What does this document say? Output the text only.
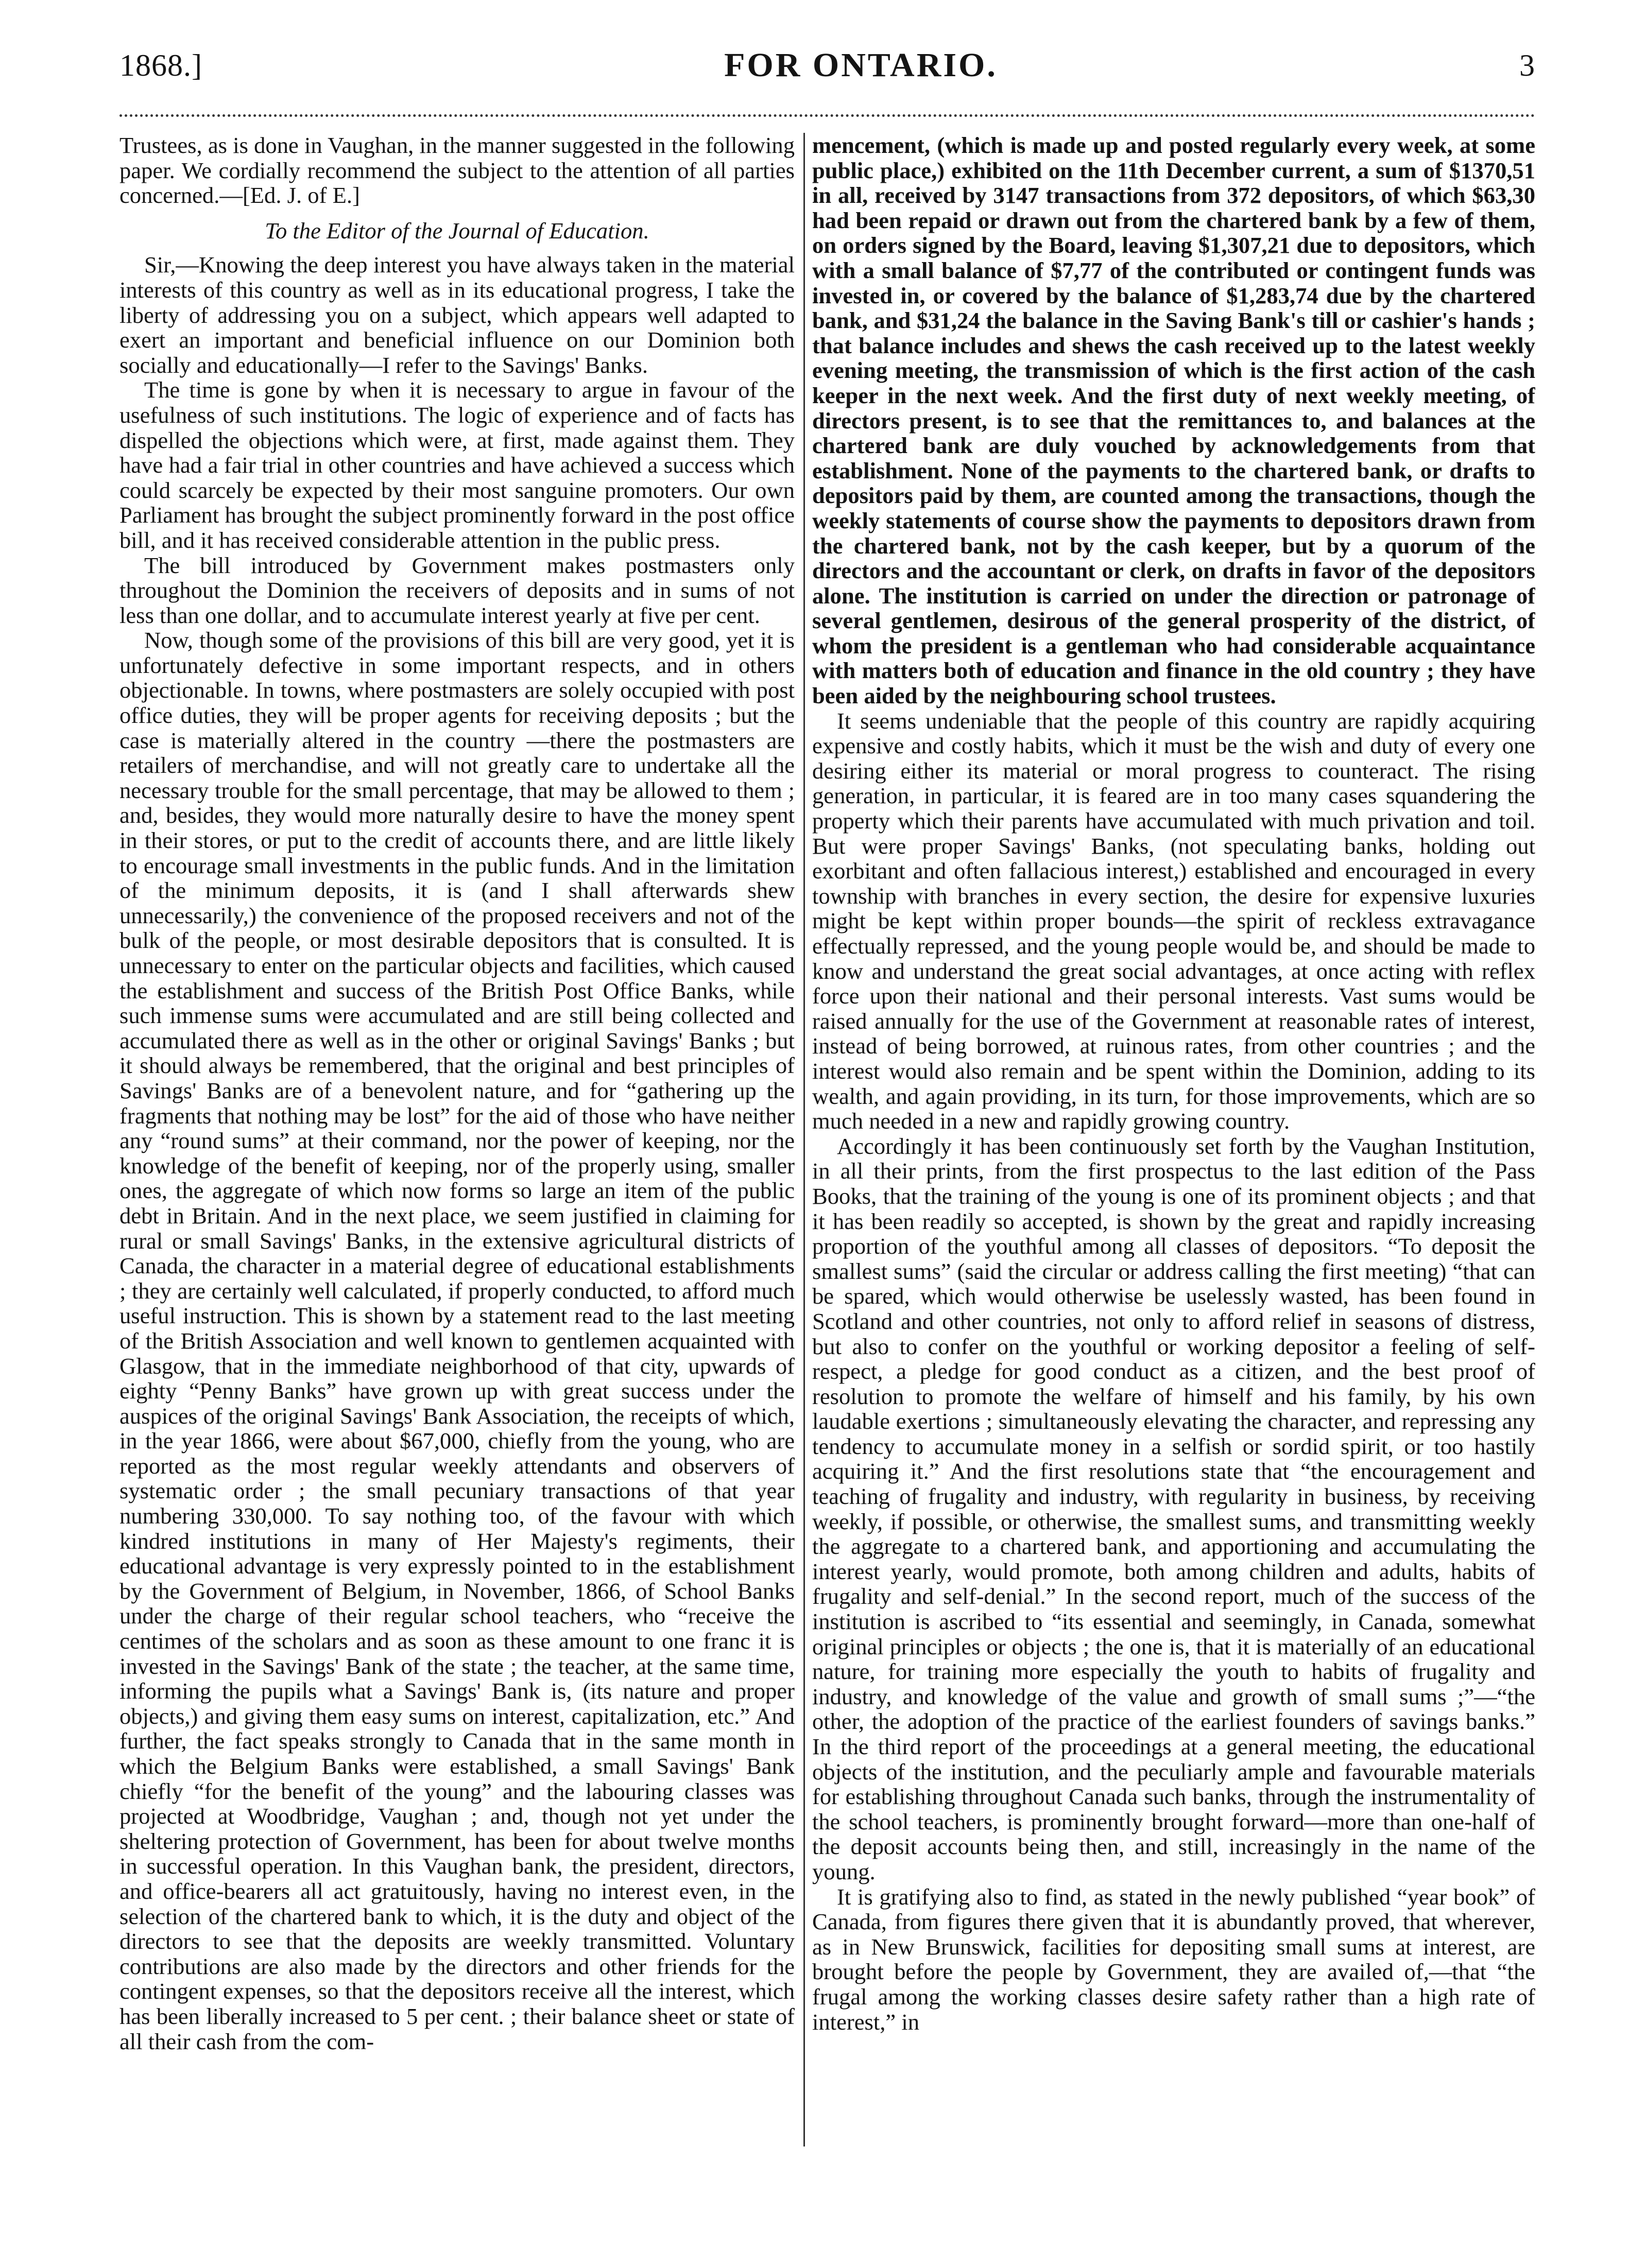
1868.]	FOR ONTARIO.	3

Trustees, as is done in Vaughan, in the manner suggested in the following paper. We cordially recommend the subject to the attention of all parties concerned.—[Ed. J. of E.]

To the Editor of the Journal of Education.

Sir,—Knowing the deep interest you have always taken in the material interests of this country as well as in its educational progress, I take the liberty of addressing you on a subject, which appears well adapted to exert an important and beneficial influence on our Dominion both socially and educationally—I refer to the Savings' Banks.

The time is gone by when it is necessary to argue in favour of the usefulness of such institutions. The logic of experience and of facts has dispelled the objections which were, at first, made against them. They have had a fair trial in other countries and have achieved a success which could scarcely be expected by their most sanguine promoters. Our own Parliament has brought the subject prominently forward in the post office bill, and it has received considerable attention in the public press.

The bill introduced by Government makes postmasters only throughout the Dominion the receivers of deposits and in sums of not less than one dollar, and to accumulate interest yearly at five per cent.

Now, though some of the provisions of this bill are very good, yet it is unfortunately defective in some important respects, and in others objectionable. In towns, where postmasters are solely occupied with post office duties, they will be proper agents for receiving deposits ; but the case is materially altered in the country —there the postmasters are retailers of merchandise, and will not greatly care to undertake all the necessary trouble for the small percentage, that may be allowed to them ; and, besides, they would more naturally desire to have the money spent in their stores, or put to the credit of accounts there, and are little likely to encourage small investments in the public funds. And in the limitation of the minimum deposits, it is (and I shall afterwards shew unnecessarily,) the convenience of the proposed receivers and not of the bulk of the people, or most desirable depositors that is consulted. It is unnecessary to enter on the particular objects and facilities, which caused the establishment and success of the British Post Office Banks, while such immense sums were accumulated and are still being collected and accumulated there as well as in the other or original Savings' Banks ; but it should always be remembered, that the original and best principles of Savings' Banks are of a benevolent nature, and for “gathering up the fragments that nothing may be lost” for the aid of those who have neither any “round sums” at their command, nor the power of keeping, nor the knowledge of the benefit of keeping, nor of the properly using, smaller ones, the aggregate of which now forms so large an item of the public debt in Britain. And in the next place, we seem justified in claiming for rural or small Savings' Banks, in the extensive agricultural districts of Canada, the character in a material degree of educational establishments ; they are certainly well calculated, if properly conducted, to afford much useful instruction. This is shown by a statement read to the last meeting of the British Association and well known to gentlemen acquainted with Glasgow, that in the immediate neighborhood of that city, upwards of eighty “Penny Banks” have grown up with great success under the auspices of the original Savings' Bank Association, the receipts of which, in the year 1866, were about $67,000, chiefly from the young, who are reported as the most regular weekly attendants and observers of systematic order ; the small pecuniary transactions of that year numbering 330,000. To say nothing too, of the favour with which kindred institutions in many of Her Majesty's regiments, their educational advantage is very expressly pointed to in the establishment by the Government of Belgium, in November, 1866, of School Banks under the charge of their regular school teachers, who “receive the centimes of the scholars and as soon as these amount to one franc it is invested in the Savings' Bank of the state ; the teacher, at the same time, informing the pupils what a Savings' Bank is, (its nature and proper objects,) and giving them easy sums on interest, capitalization, etc.” And further, the fact speaks strongly to Canada that in the same month in which the Belgium Banks were established, a small Savings' Bank chiefly “for the benefit of the young” and the labouring classes was projected at Woodbridge, Vaughan ; and, though not yet under the sheltering protection of Government, has been for about twelve months in successful operation. In this Vaughan bank, the president, directors, and office-bearers all act gratuitously, having no interest even, in the selection of the chartered bank to which, it is the duty and object of the directors to see that the deposits are weekly transmitted. Voluntary contributions are also made by the directors and other friends for the contingent expenses, so that the depositors receive all the interest, which has been liberally increased to 5 per cent. ; their balance sheet or state of all their cash from the com-

mencement, (which is made up and posted regularly every week, at some public place,) exhibited on the 11th December current, a sum of $1370,51 in all, received by 3147 transactions from 372 depositors, of which $63,30 had been repaid or drawn out from the chartered bank by a few of them, on orders signed by the Board, leaving $1,307,21 due to depositors, which with a small balance of $7,77 of the contributed or contingent funds was invested in, or covered by the balance of $1,283,74 due by the chartered bank, and $31,24 the balance in the Saving Bank's till or cashier's hands ; that balance includes and shews the cash received up to the latest weekly evening meeting, the transmission of which is the first action of the cash keeper in the next week. And the first duty of next weekly meeting, of directors present, is to see that the remittances to, and balances at the chartered bank are duly vouched by acknowledgements from that establishment. None of the payments to the chartered bank, or drafts to depositors paid by them, are counted among the transactions, though the weekly statements of course show the payments to depositors drawn from the chartered bank, not by the cash keeper, but by a quorum of the directors and the accountant or clerk, on drafts in favor of the depositors alone. The institution is carried on under the direction or patronage of several gentlemen, desirous of the general prosperity of the district, of whom the president is a gentleman who had considerable acquaintance with matters both of education and finance in the old country ; they have been aided by the neighbouring school trustees.

It seems undeniable that the people of this country are rapidly acquiring expensive and costly habits, which it must be the wish and duty of every one desiring either its material or moral progress to counteract. The rising generation, in particular, it is feared are in too many cases squandering the property which their parents have accumulated with much privation and toil. But were proper Savings' Banks, (not speculating banks, holding out exorbitant and often fallacious interest,) established and encouraged in every township with branches in every section, the desire for expensive luxuries might be kept within proper bounds—the spirit of reckless extravagance effectually repressed, and the young people would be, and should be made to know and understand the great social advantages, at once acting with reflex force upon their national and their personal interests. Vast sums would be raised annually for the use of the Government at reasonable rates of interest, instead of being borrowed, at ruinous rates, from other countries ; and the interest would also remain and be spent within the Dominion, adding to its wealth, and again providing, in its turn, for those improvements, which are so much needed in a new and rapidly growing country.

Accordingly it has been continuously set forth by the Vaughan Institution, in all their prints, from the first prospectus to the last edition of the Pass Books, that the training of the young is one of its prominent objects ; and that it has been readily so accepted, is shown by the great and rapidly increasing proportion of the youthful among all classes of depositors. “To deposit the smallest sums” (said the circular or address calling the first meeting) “that can be spared, which would otherwise be uselessly wasted, has been found in Scotland and other countries, not only to afford relief in seasons of distress, but also to confer on the youthful or working depositor a feeling of self-respect, a pledge for good conduct as a citizen, and the best proof of resolution to promote the welfare of himself and his family, by his own laudable exertions ; simultaneously elevating the character, and repressing any tendency to accumulate money in a selfish or sordid spirit, or too hastily acquiring it.” And the first resolutions state that “the encouragement and teaching of frugality and industry, with regularity in business, by receiving weekly, if possible, or otherwise, the smallest sums, and transmitting weekly the aggregate to a chartered bank, and apportioning and accumulating the interest yearly, would promote, both among children and adults, habits of frugality and self-denial.” In the second report, much of the success of the institution is ascribed to “its essential and seemingly, in Canada, somewhat original principles or objects ; the one is, that it is materially of an educational nature, for training more especially the youth to habits of frugality and industry, and knowledge of the value and growth of small sums ;”—“the other, the adoption of the practice of the earliest founders of savings banks.” In the third report of the proceedings at a general meeting, the educational objects of the institution, and the peculiarly ample and favourable materials for establishing throughout Canada such banks, through the instrumentality of the school teachers, is prominently brought forward—more than one-half of the deposit accounts being then, and still, increasingly in the name of the young.

It is gratifying also to find, as stated in the newly published “year book” of Canada, from figures there given that it is abundantly proved, that wherever, as in New Brunswick, facilities for depositing small sums at interest, are brought before the people by Government, they are availed of,—that “the frugal among the working classes desire safety rather than a high rate of interest,” in
